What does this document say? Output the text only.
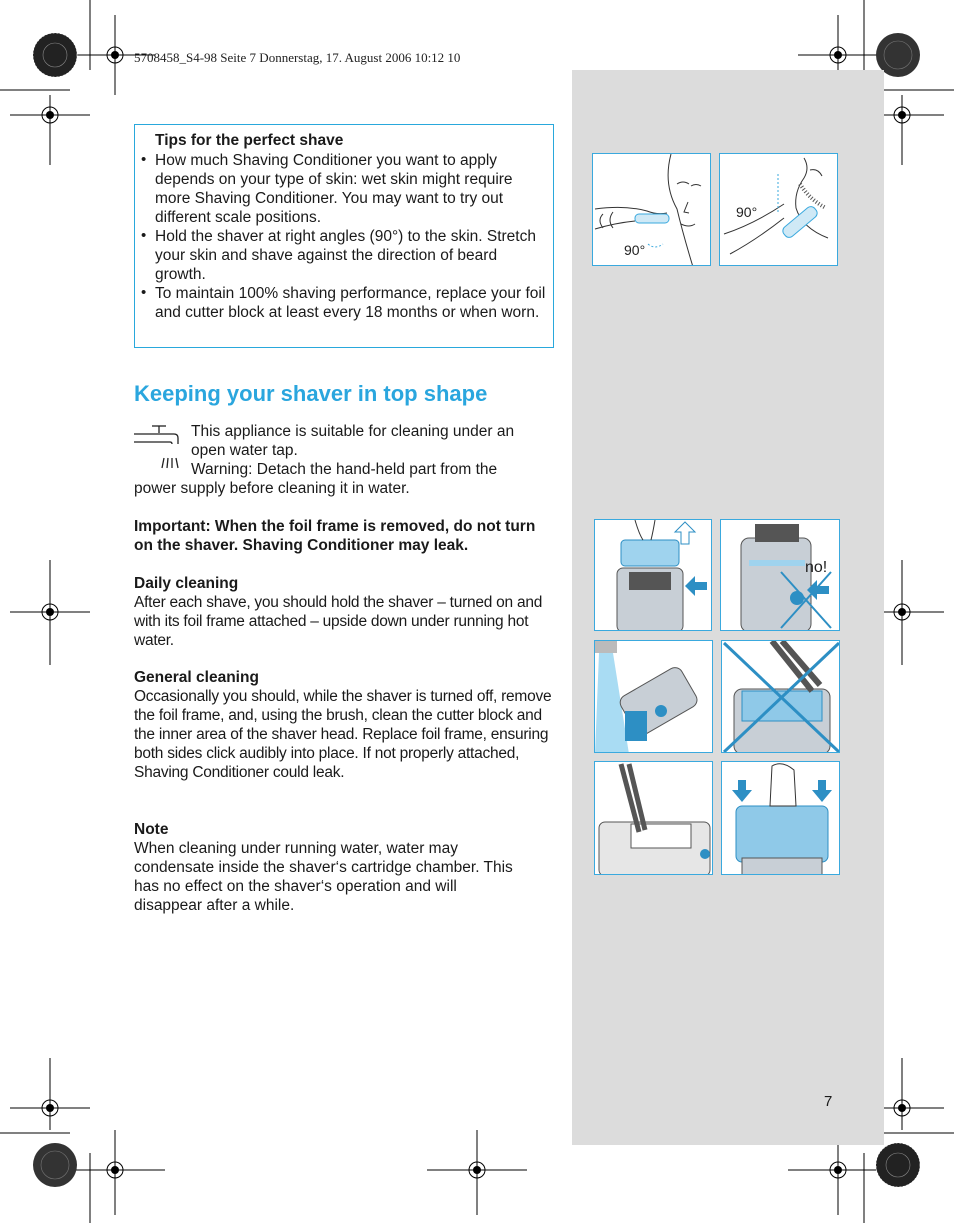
5708458_S4-98 Seite 7 Donnerstag, 17. August 2006 10:12 10
Tips for the perfect shave
• How much Shaving Conditioner you want to apply depends on your type of skin: wet skin might require more Shaving Conditioner. You may want to try out different scale positions.
• Hold the shaver at right angles (90°) to the skin. Stretch your skin and shave against the direction of beard growth.
• To maintain 100% shaving performance, replace your foil and cutter block at least every 18 months or when worn.
Keeping your shaver in top shape
This appliance is suitable for cleaning under an
open water tap.
Warning: Detach the hand-held part from the
power supply before cleaning it in water.
Important: When the foil frame is removed, do not turn on the shaver. Shaving Conditioner may leak.
Daily cleaning
After each shave, you should hold the shaver – turned on and with its foil frame attached – upside down under running hot water.
General cleaning
Occasionally you should, while the shaver is turned off, remove the foil frame, and, using the brush, clean the cutter block and the inner area of the shaver head. Replace foil frame, ensuring both sides click audibly into place. If not properly attached, Shaving Conditioner could leak.
Note
When cleaning under running water, water may condensate inside the shaver‘s cartridge chamber. This has no effect on the shaver‘s operation and will disappear after a while.
90°
90°
no!
7
